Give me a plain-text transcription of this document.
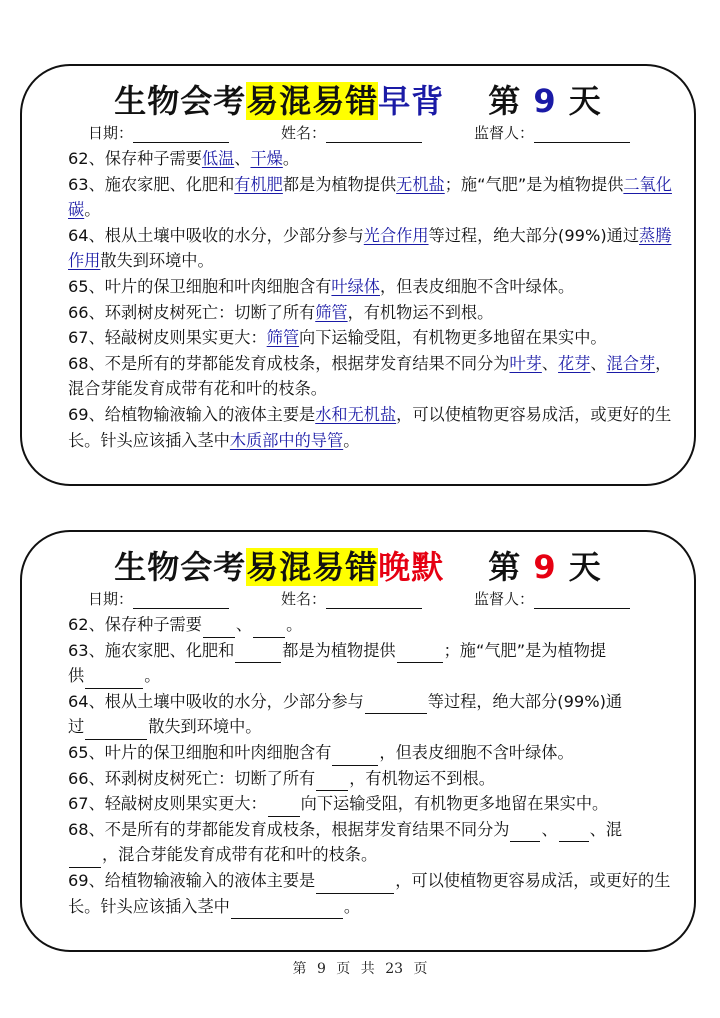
生物会考易混易错早背 第 9 天
日期：	姓名：	监督人：

62、保存种子需要低温、干燥。

63、施农家肥、化肥和有机肥都是为植物提供无机盐；施“气肥”是为植物提供二氧化碳。

64、根从土壤中吸收的水分，少部分参与光合作用等过程，绝大部分(99%)通过蒸腾作用散失到环境中。

65、叶片的保卫细胞和叶肉细胞含有叶绿体，但表皮细胞不含叶绿体。

66、环剥树皮树死亡：切断了所有筛管，有机物运不到根。

67、轻敲树皮则果实更大：筛管向下运输受阻，有机物更多地留在果实中。

68、不是所有的芽都能发育成枝条，根据芽发育结果不同分为叶芽、花芽、混合芽，混合芽能发育成带有花和叶的枝条。

69、给植物输液输入的液体主要是水和无机盐，可以使植物更容易成活，或更好的生长。针头应该插入茎中木质部中的导管。

生物会考易混易错晚默 第 9 天
日期：	姓名：	监督人：

62、保存种子需要 、 。

63、施农家肥、化肥和	都是为植物提供	；施“气肥”是为植物提
供	。

64、根从土壤中吸收的水分，少部分参与	等过程，绝大部分(99%)通
过	散失到环境中。

65、叶片的保卫细胞和叶肉细胞含有	，但表皮细胞不含叶绿体。

66、环剥树皮树死亡：切断了所有 ，有机物运不到根。

67、轻敲树皮则果实更大： 向下运输受阻，有机物更多地留在果实中。

68、不是所有的芽都能发育成枝条，根据芽发育结果不同分为 、 、混
，混合芽能发育成带有花和叶的枝条。

69、给植物输液输入的液体主要是	，可以使植物更容易成活，或更好的生长。针头应该插入茎中	。

第 9 页 共 23 页
